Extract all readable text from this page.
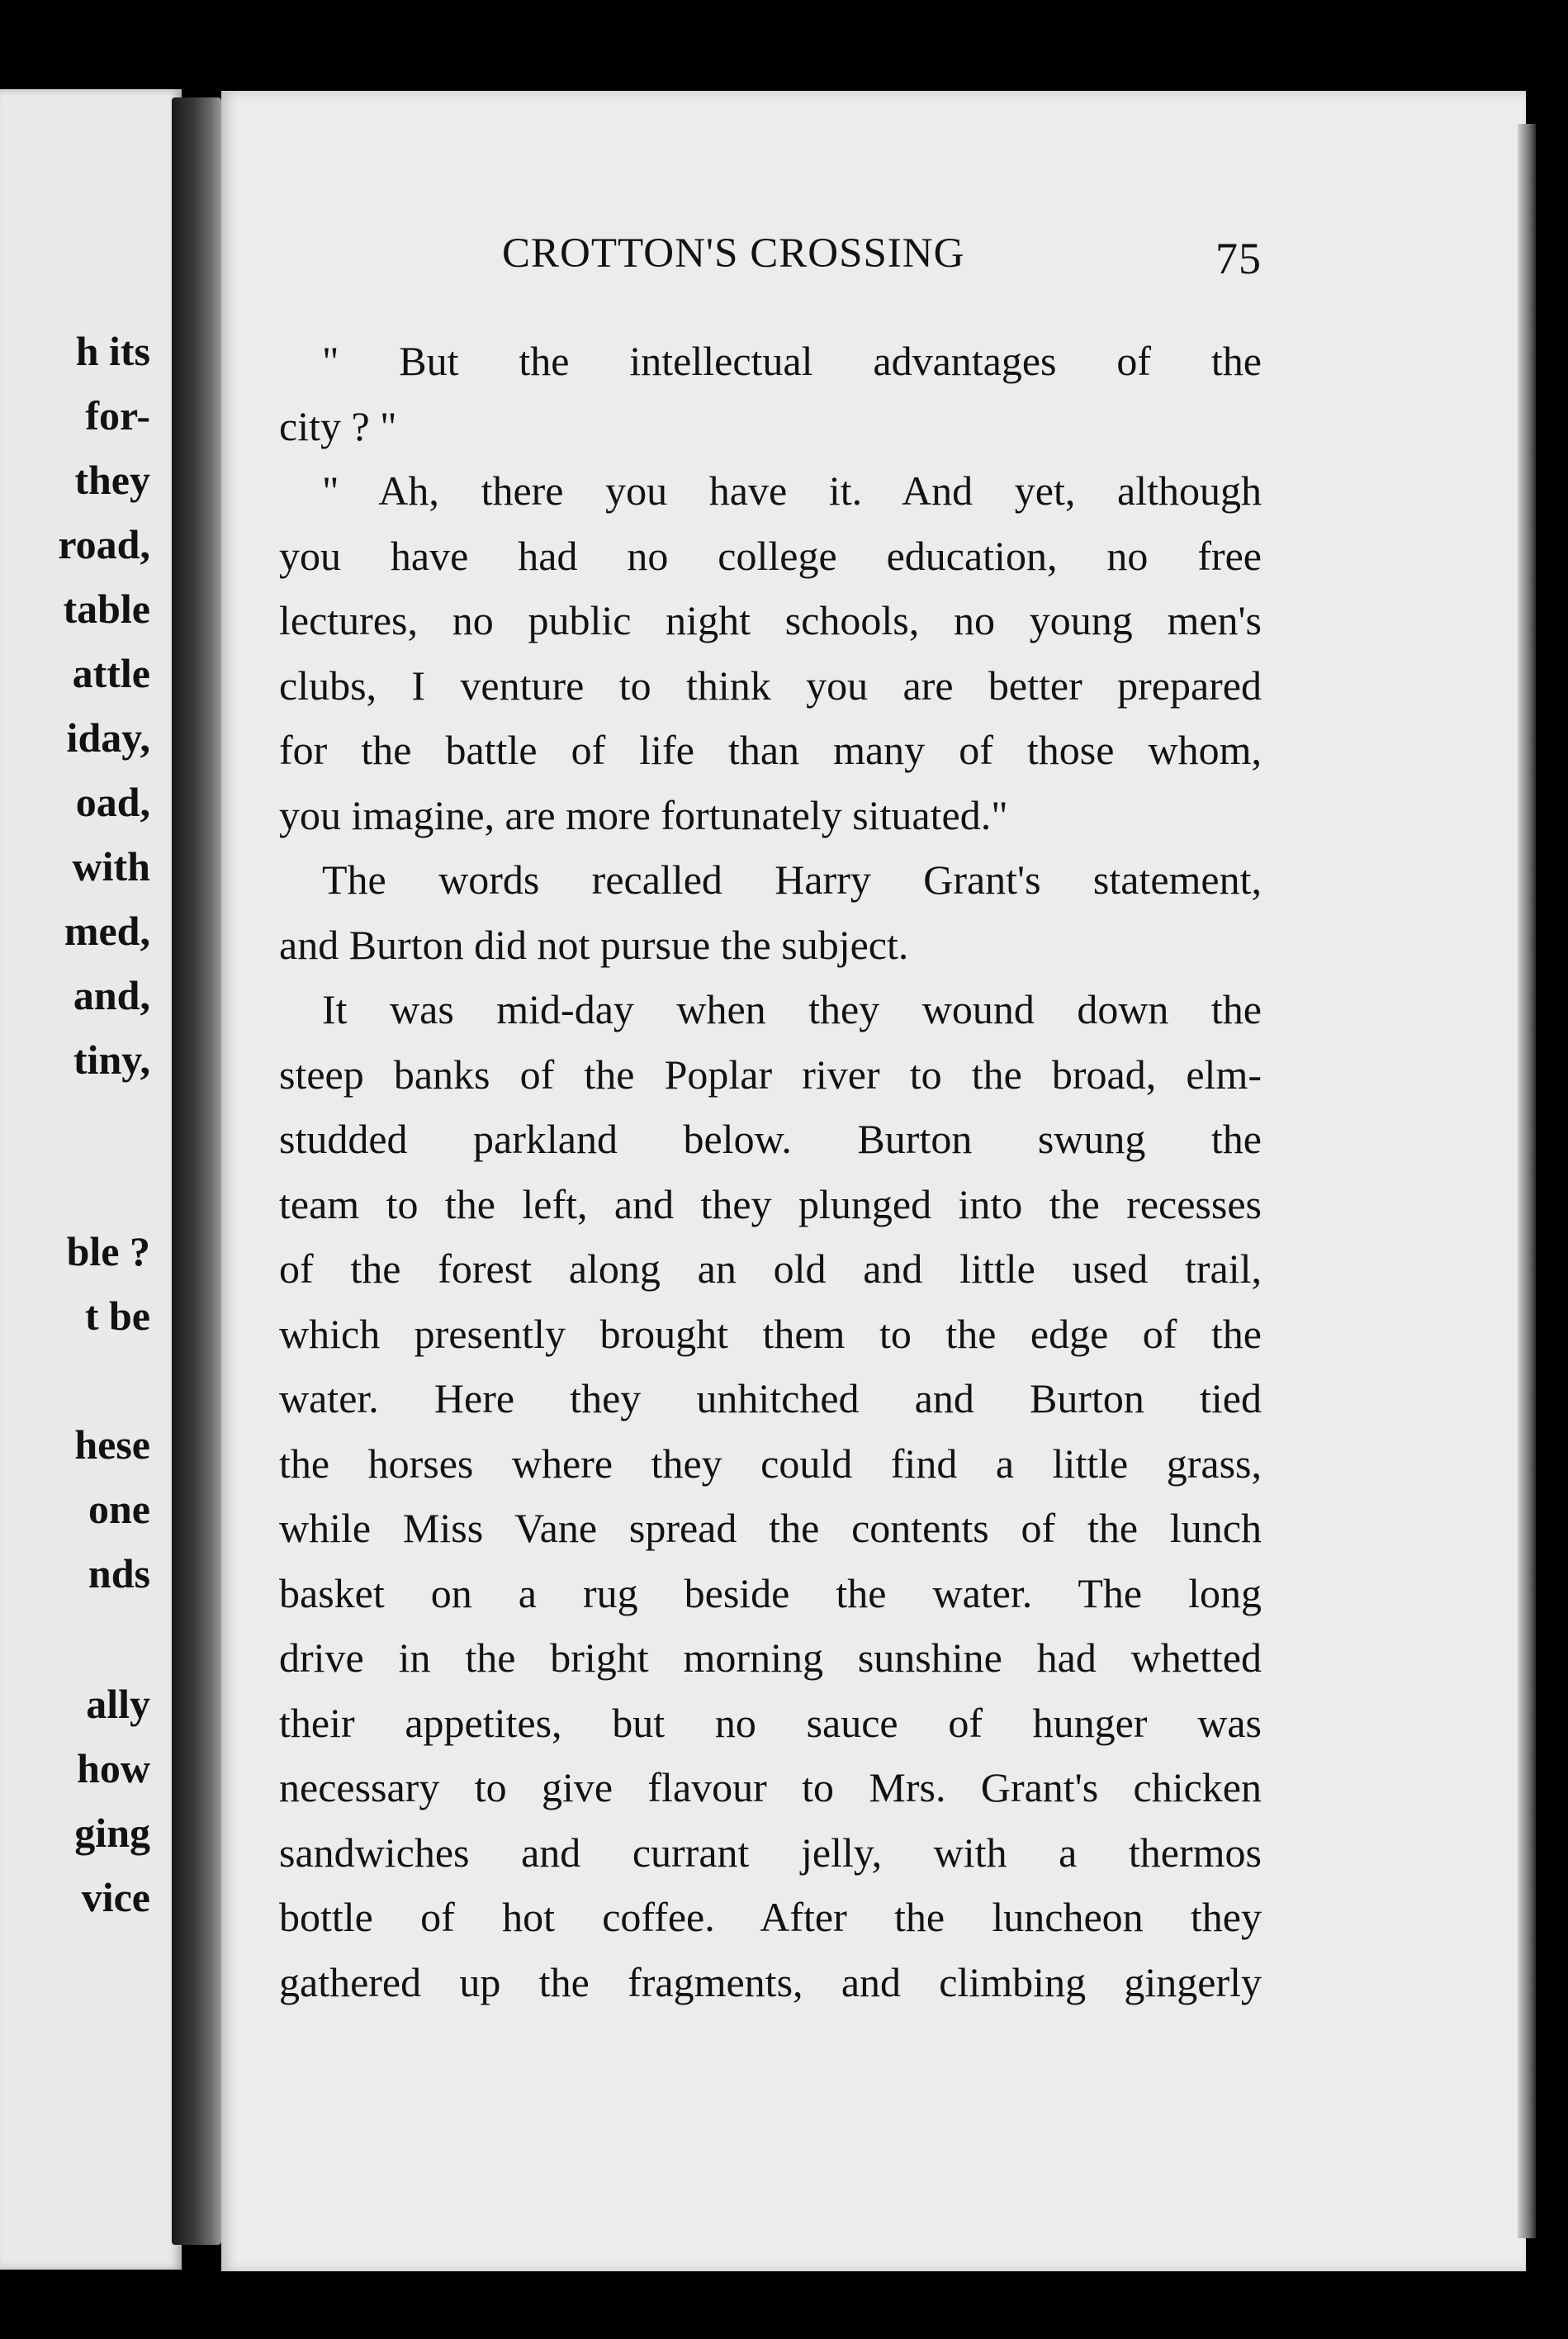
h its
for-
they
road,
table
attle
iday,
oad,
with
med,
and,
tiny,
ble ?
t be
hese
one
nds
ally
how
ging
vice
CROTTON'S CROSSING	75
" But the intellectual advantages of the
city ? "
" Ah, there you have it. And yet, although
you have had no college education, no free
lectures, no public night schools, no young men's
clubs, I venture to think you are better prepared
for the battle of life than many of those whom,
you imagine, are more fortunately situated."
The words recalled Harry Grant's statement,
and Burton did not pursue the subject.
It was mid-day when they wound down the
steep banks of the Poplar river to the broad, elm-
studded parkland below. Burton swung the
team to the left, and they plunged into the recesses
of the forest along an old and little used trail,
which presently brought them to the edge of the
water. Here they unhitched and Burton tied
the horses where they could find a little grass,
while Miss Vane spread the contents of the lunch
basket on a rug beside the water. The long
drive in the bright morning sunshine had whetted
their appetites, but no sauce of hunger was
necessary to give flavour to Mrs. Grant's chicken
sandwiches and currant jelly, with a thermos
bottle of hot coffee. After the luncheon they
gathered up the fragments, and climbing gingerly
